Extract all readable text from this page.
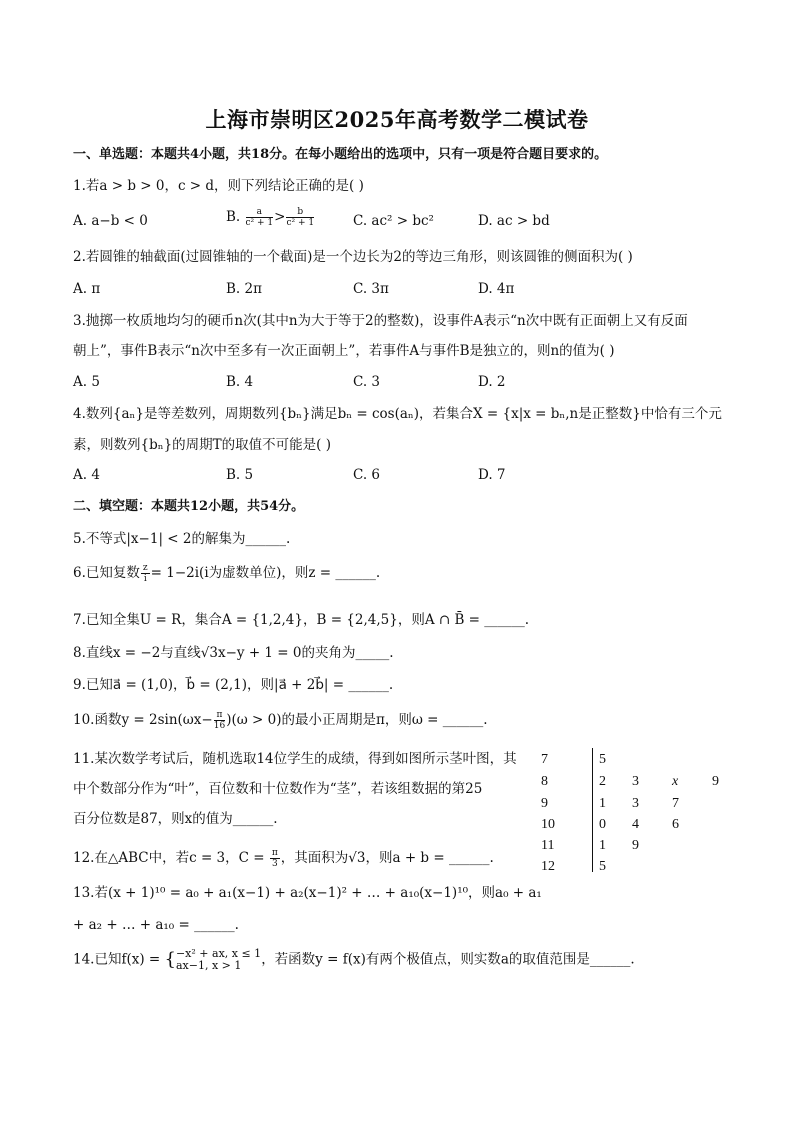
上海市崇明区2025年高考数学二模试卷
一、单选题：本题共4小题，共18分。在每小题给出的选项中，只有一项是符合题目要求的。
1.若a > b > 0，c > d，则下列结论正确的是( )
A. a−b < 0	B. $\frac{a}{\text{c² + 1}} > \frac{b}{\text{c² + 1}}$	C. ac² > bc²	D. ac > bd
2.若圆锥的轴截面(过圆锥轴的一个截面)是一个边长为2的等边三角形，则该圆锥的侧面积为( )
A. π	B. 2π	C. 3π	D. 4π
3.抛掷一枚质地均匀的硬币n次(其中n为大于等于2的整数)，设事件A表示“n次中既有正面朝上又有反面
朝上”，事件B表示“n次中至多有一次正面朝上”，若事件A与事件B是独立的，则n的值为( )
A. 5	B. 4	C. 3	D. 2
4.数列{aₙ}是等差数列，周期数列{bₙ}满足bₙ = cos(aₙ)，若集合X = {x|x = bₙ,n是正整数}中恰有三个元
素，则数列{bₙ}的周期T的取值不可能是( )
A. 4	B. 5	C. 6	D. 7
二、填空题：本题共12小题，共54分。
5.不等式|x−1| < 2的解集为______.
6.已知复数 $\frac{z}{i} = 1-2i(i$为虚数单位)，则z = ______.
7.已知全集U = R，集合A = {1,2,4}，B = {2,4,5}，则A ∩ B̄ = ______.
8.直线x = −2与直线√3x−y + 1 = 0的夹角为_____.
9.已知a⃗ = (1,0)，b⃗ = (2,1)，则|a⃗ + 2b⃗| = ______.
10.函数$y = 2\sin(\omega x- \frac{\pi}{16} )(\omega > 0)$的最小正周期是π，则ω = ______.
11.某次数学考试后，随机选取14位学生的成绩，得到如图所示茎叶图，其
中个数部分作为“叶”，百位数和十位数作为“茎”，若该组数据的第25
百分位数是87，则x的值为______.
7	5
8	2 3 x 9
9	1 3 7
10	0 4 6
11	1 9
12	5
12.在△ABC中，若c = 3，$C = \frac{\pi}{3}$ ，其面积为√3，则a + b = ______.
13.若(x + 1)¹⁰ = a₀ + a₁(x−1) + a₂(x−1)² + … + a₁₀(x−1)¹⁰，则a₀ + a₁
+ a₂ + … + a₁₀ = ______.
14.已知f(x) = { −x² + ax, x ≤ 1
ax−1, x > 1	，若函数y = f(x)有两个极值点，则实数a的取值范围是______.
